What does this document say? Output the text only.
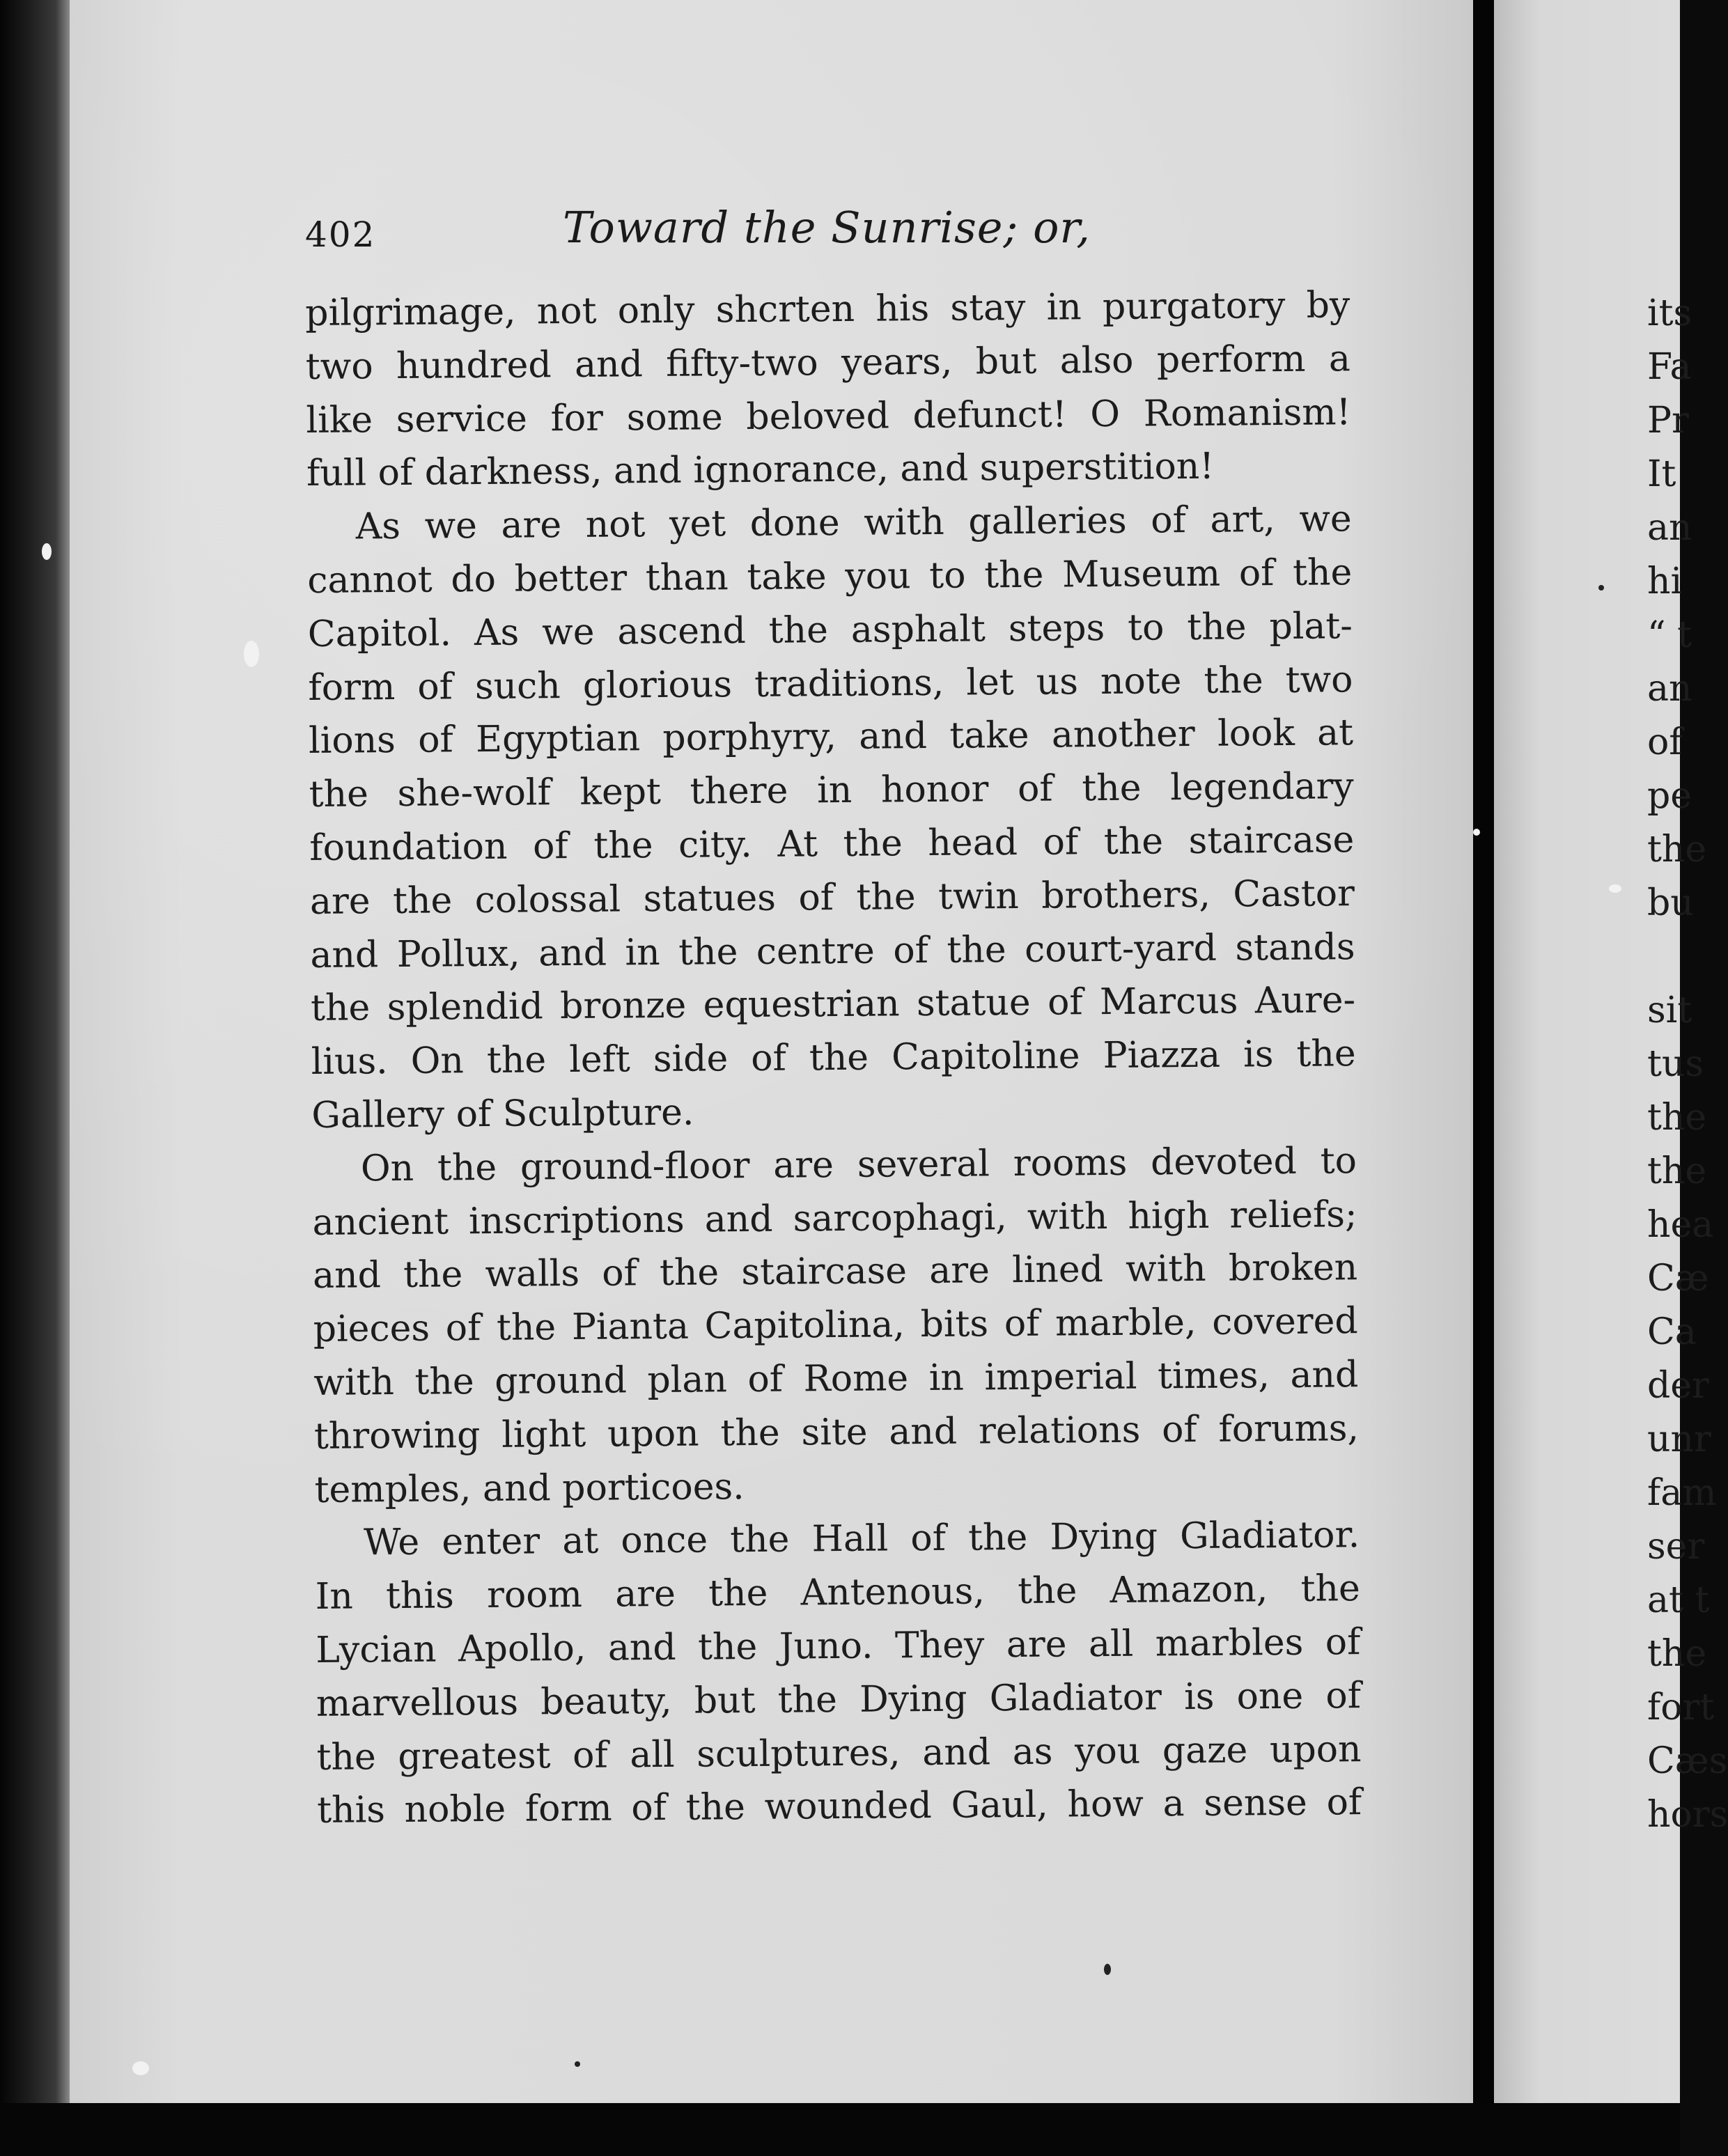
402	Toward the Sunrise; or,
pilgrimage, not only shcrten his stay in purgatory by
two hundred and fifty-two years, but also perform a
like service for some beloved defunct! O Romanism!
full of darkness, and ignorance, and superstition!
As we are not yet done with galleries of art, we
cannot do better than take you to the Museum of the
Capitol. As we ascend the asphalt steps to the plat-
form of such glorious traditions, let us note the two
lions of Egyptian porphyry, and take another look at
the she-wolf kept there in honor of the legendary
foundation of the city. At the head of the staircase
are the colossal statues of the twin brothers, Castor
and Pollux, and in the centre of the court-yard stands
the splendid bronze equestrian statue of Marcus Aure-
lius. On the left side of the Capitoline Piazza is the
Gallery of Sculpture.
On the ground-floor are several rooms devoted to
ancient inscriptions and sarcophagi, with high reliefs;
and the walls of the staircase are lined with broken
pieces of the Pianta Capitolina, bits of marble, covered
with the ground plan of Rome in imperial times, and
throwing light upon the site and relations of forums,
temples, and porticoes.
We enter at once the Hall of the Dying Gladiator.
In this room are the Antenous, the Amazon, the
Lycian Apollo, and the Juno. They are all marbles of
marvellous beauty, but the Dying Gladiator is one of
the greatest of all sculptures, and as you gaze upon
this noble form of the wounded Gaul, how a sense of
its
Fa
Pr
It
an
hi
“ t
an
of
pe
the
bu
sit
tus
the
the
hea
Cæ
Ca
der
unr
fam
ser
at t
the
fort
Cæs
hors
